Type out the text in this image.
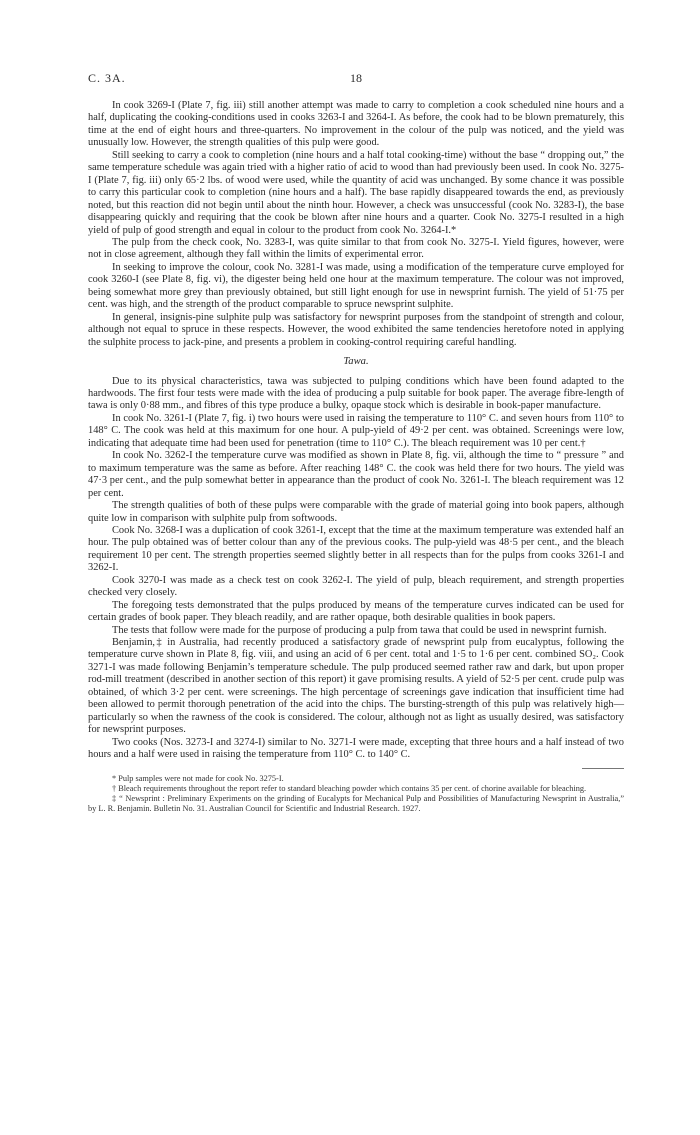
C. 3A.	18

In cook 3269-I (Plate 7, fig. iii) still another attempt was made to carry to completion a cook scheduled nine hours and a half, duplicating the cooking-conditions used in cooks 3263-I and 3264-I. As before, the cook had to be blown prematurely, this time at the end of eight hours and three-quarters. No improvement in the colour of the pulp was noticed, and the yield was unusually low. However, the strength qualities of this pulp were good.

Still seeking to carry a cook to completion (nine hours and a half total cooking-time) without the base “ dropping out,” the same temperature schedule was again tried with a higher ratio of acid to wood than had previously been used. In cook No. 3275-I (Plate 7, fig. iii) only 65·2 lbs. of wood were used, while the quantity of acid was unchanged. By some chance it was possible to carry this particular cook to completion (nine hours and a half). The base rapidly disappeared towards the end, as previously noted, but this reaction did not begin until about the ninth hour. However, a check was unsuccessful (cook No. 3283-I), the base disappearing quickly and requiring that the cook be blown after nine hours and a quarter. Cook No. 3275-I resulted in a high yield of pulp of good strength and equal in colour to the product from cook No. 3264-I.*

The pulp from the check cook, No. 3283-I, was quite similar to that from cook No. 3275-I. Yield figures, however, were not in close agreement, although they fall within the limits of experimental error.

In seeking to improve the colour, cook No. 3281-I was made, using a modification of the temperature curve employed for cook 3260-I (see Plate 8, fig. vi), the digester being held one hour at the maximum temperature. The colour was not improved, being somewhat more grey than previously obtained, but still light enough for use in newsprint furnish. The yield of 51·75 per cent. was high, and the strength of the product comparable to spruce newsprint sulphite.

In general, insignis-pine sulphite pulp was satisfactory for newsprint purposes from the standpoint of strength and colour, although not equal to spruce in these respects. However, the wood exhibited the same tendencies heretofore noted in applying the sulphite process to jack-pine, and presents a problem in cooking-control requiring careful handling.

Tawa.

Due to its physical characteristics, tawa was subjected to pulping conditions which have been found adapted to the hardwoods. The first four tests were made with the idea of producing a pulp suitable for book paper. The average fibre-length of tawa is only 0·88 mm., and fibres of this type produce a bulky, opaque stock which is desirable in book-paper manufacture.

In cook No. 3261-I (Plate 7, fig. i) two hours were used in raising the temperature to 110° C. and seven hours from 110° to 148° C. The cook was held at this maximum for one hour. A pulp-yield of 49·2 per cent. was obtained. Screenings were low, indicating that adequate time had been used for penetration (time to 110° C.). The bleach requirement was 10 per cent.†

In cook No. 3262-I the temperature curve was modified as shown in Plate 8, fig. vii, although the time to “ pressure ” and to maximum temperature was the same as before. After reaching 148° C. the cook was held there for two hours. The yield was 47·3 per cent., and the pulp somewhat better in appearance than the product of cook No. 3261-I. The bleach requirement was 12 per cent.

The strength qualities of both of these pulps were comparable with the grade of material going into book papers, although quite low in comparison with sulphite pulp from softwoods.

Cook No. 3268-I was a duplication of cook 3261-I, except that the time at the maximum temperature was extended half an hour. The pulp obtained was of better colour than any of the previous cooks. The pulp-yield was 48·5 per cent., and the bleach requirement 10 per cent. The strength properties seemed slightly better in all respects than for the pulps from cooks 3261-I and 3262-I.

Cook 3270-I was made as a check test on cook 3262-I. The yield of pulp, bleach requirement, and strength properties checked very closely.

The foregoing tests demonstrated that the pulps produced by means of the temperature curves indicated can be used for certain grades of book paper. They bleach readily, and are rather opaque, both desirable qualities in book papers.

The tests that follow were made for the purpose of producing a pulp from tawa that could be used in newsprint furnish.

Benjamin,‡ in Australia, had recently produced a satisfactory grade of newsprint pulp from eucalyptus, following the temperature curve shown in Plate 8, fig. viii, and using an acid of 6 per cent. total and 1·5 to 1·6 per cent. combined SO₂. Cook 3271-I was made following Benjamin’s temperature schedule. The pulp produced seemed rather raw and dark, but upon proper rod-mill treatment (described in another section of this report) it gave promising results. A yield of 52·5 per cent. crude pulp was obtained, of which 3·2 per cent. were screenings. The high percentage of screenings gave indication that insufficient time had been allowed to permit thorough penetration of the acid into the chips. The bursting-strength of this pulp was relatively high—particularly so when the rawness of the cook is considered. The colour, although not as light as usually desired, was satisfactory for newsprint purposes.

Two cooks (Nos. 3273-I and 3274-I) similar to No. 3271-I were made, excepting that three hours and a half instead of two hours and a half were used in raising the temperature from 110° C. to 140° C.

* Pulp samples were not made for cook No. 3275-I.

† Bleach requirements throughout the report refer to standard bleaching powder which contains 35 per cent. of chorine available for bleaching.

‡ “ Newsprint : Preliminary Experiments on the grinding of Eucalypts for Mechanical Pulp and Possibilities of Manufacturing Newsprint in Australia,” by L. R. Benjamin. Bulletin No. 31. Australian Council for Scientific and Industrial Research. 1927.
